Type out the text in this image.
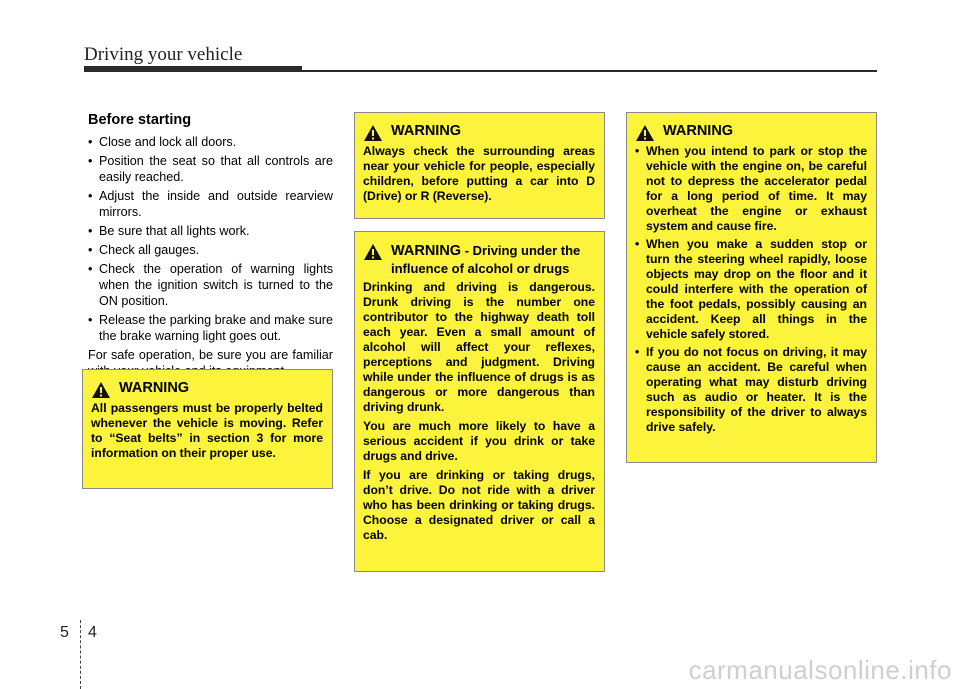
Driving your vehicle
Before starting
• Close and lock all doors.
• Position the seat so that all controls are easily reached.
• Adjust the inside and outside rearview mirrors.
• Be sure that all lights work.
• Check all gauges.
• Check the operation of warning lights when the ignition switch is turned to the ON position.
• Release the parking brake and make sure the brake warning light goes out.

For safe operation, be sure you are familiar

WARNING

All passengers must be properly belted whenever the vehicle is moving. Refer to “Seat belts” in section 3 for more information on their proper use.

WARNING

Always check the surrounding areas near your vehicle for people, especially children, before putting a car into D (Drive) or R (Reverse).

WARNING - Driving under the influence of alcohol or drugs

Drinking and driving is dangerous. Drunk driving is the number one contributor to the highway death toll each year. Even a small amount of alcohol will affect your reflexes, perceptions and judgment. Driving while under the influence of drugs is as dangerous or more dangerous than driving drunk.

You are much more likely to have a serious accident if you drink or take drugs and drive.

If you are drinking or taking drugs, don’t drive. Do not ride with a driver who has been drinking or taking drugs. Choose a designated driver or call a cab.

WARNING
• When you intend to park or stop the vehicle with the engine on, be careful not to depress the accelerator pedal for a long period of time. It may overheat the engine or exhaust system and cause fire.
• When you make a sudden stop or turn the steering wheel rapidly, loose objects may drop on the floor and it could interfere with the operation of the foot pedals, possibly causing an accident. Keep all things in the vehicle safely stored.
• If you do not focus on driving, it may cause an accident. Be careful when operating what may disturb driving such as audio or heater. It is the responsibility of the driver to always drive safely.
5 4
carmanualsonline.info
